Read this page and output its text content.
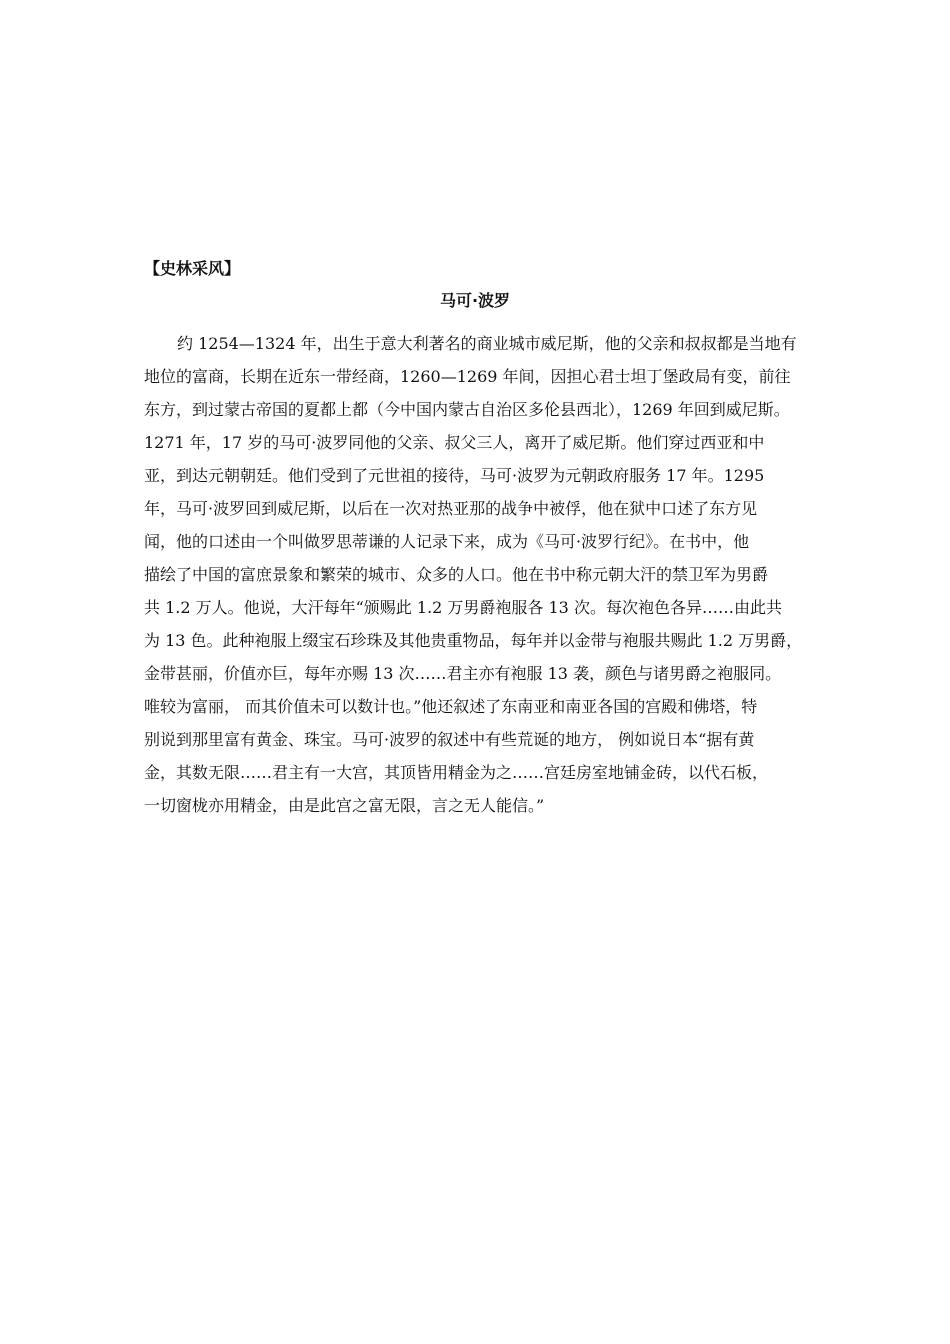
【史林采风】
马可·波罗
约 1254—1324 年，出生于意大利著名的商业城市威尼斯，他的父亲和叔叔都是当地有
地位的富商，长期在近东一带经商，1260—1269 年间，因担心君士坦丁堡政局有变，前往
东方，到过蒙古帝国的夏都上都（今中国内蒙古自治区多伦县西北），1269 年回到威尼斯。
1271 年，17 岁的马可·波罗同他的父亲、叔父三人，离开了威尼斯。他们穿过西亚和中
亚，到达元朝朝廷。他们受到了元世祖的接待，马可·波罗为元朝政府服务 17 年。1295
年，马可·波罗回到威尼斯，以后在一次对热亚那的战争中被俘，他在狱中口述了东方见
闻，他的口述由一个叫做罗思蒂谦的人记录下来，成为《马可·波罗行纪》。在书中，他
描绘了中国的富庶景象和繁荣的城市、众多的人口。他在书中称元朝大汗的禁卫军为男爵
共 1.2 万人。他说，大汗每年“颁赐此 1.2 万男爵袍服各 13 次。每次袍色各异……由此共
为 13 色。此种袍服上缀宝石珍珠及其他贵重物品，每年并以金带与袍服共赐此 1.2 万男爵，
金带甚丽，价值亦巨，每年亦赐 13 次……君主亦有袍服 13 袭，颜色与诸男爵之袍服同。
唯较为富丽， 而其价值未可以数计也。”他还叙述了东南亚和南亚各国的宫殿和佛塔，特
别说到那里富有黄金、珠宝。马可·波罗的叙述中有些荒诞的地方， 例如说日本“据有黄
金，其数无限……君主有一大宫，其顶皆用精金为之……宫廷房室地铺金砖，以代石板，
一切窗栊亦用精金，由是此宫之富无限，言之无人能信。”
